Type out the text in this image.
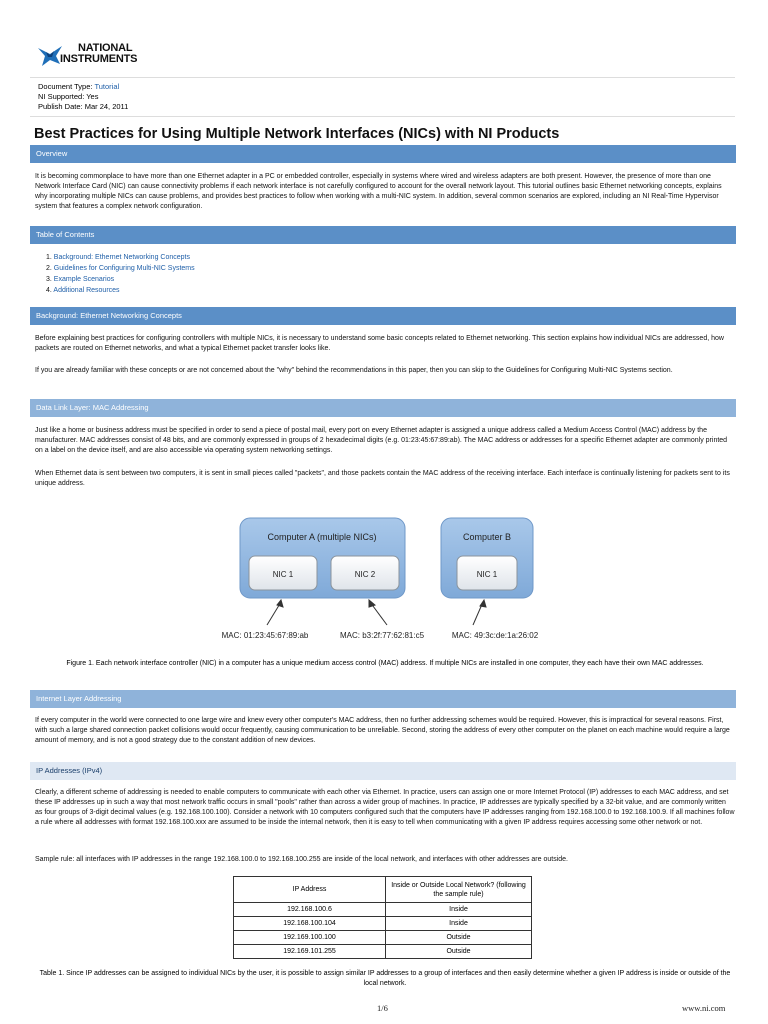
NATIONAL
INSTRUMENTS
Document Type: Tutorial
NI Supported: Yes
Publish Date: Mar 24, 2011
Best Practices for Using Multiple Network Interfaces (NICs) with NI Products
Overview
It is becoming commonplace to have more than one Ethernet adapter in a PC or embedded controller, especially in systems where wired and wireless adapters are both present. However, the presence of more than one Network Interface Card (NIC) can cause connectivity problems if each network interface is not carefully configured to account for the overall network layout. This tutorial outlines basic Ethernet networking concepts, explains why incorporating multiple NICs can cause problems, and provides best practices to follow when working with a multi-NIC system. In addition, several common scenarios are explored, including an NI Real-Time Hypervisor system that features a complex network configuration.
Table of Contents
1. Background: Ethernet Networking Concepts
2. Guidelines for Configuring Multi-NIC Systems
3. Example Scenarios
4. Additional Resources
Background: Ethernet Networking Concepts
Before explaining best practices for configuring controllers with multiple NICs, it is necessary to understand some basic concepts related to Ethernet networking. This section explains how individual NICs are addressed, how packets are routed on Ethernet networks, and what a typical Ethernet packet transfer looks like.
If you are already familiar with these concepts or are not concerned about the "why" behind the recommendations in this paper, then you can skip to the Guidelines for Configuring Multi-NIC Systems section.
Data Link Layer: MAC Addressing
Just like a home or business address must be specified in order to send a piece of postal mail, every port on every Ethernet adapter is assigned a unique address called a Medium Access Control (MAC) address by the manufacturer. MAC addresses consist of 48 bits, and are commonly expressed in groups of 2 hexadecimal digits (e.g. 01:23:45:67:89:ab). The MAC address or addresses for a specific Ethernet adapter are commonly printed on a label on the device itself, and are also accessible via operating system networking settings.
When Ethernet data is sent between two computers, it is sent in small pieces called "packets", and those packets contain the MAC address of the receiving interface. Each interface is continually listening for packets sent to its unique address.
Computer A (multiple NICs)
NIC 1	NIC 2
Computer B
NIC 1
MAC: 01:23:45:67:89:ab	MAC: b3:2f:77:62:81:c5	MAC: 49:3c:de:1a:26:02
Figure 1. Each network interface controller (NIC) in a computer has a unique medium access control (MAC) address. If multiple NICs are installed in one computer, they each have their own MAC addresses.
Internet Layer Addressing
If every computer in the world were connected to one large wire and knew every other computer's MAC address, then no further addressing schemes would be required. However, this is impractical for several reasons. First, with such a large shared connection packet collisions would occur frequently, causing communication to be unreliable. Second, storing the address of every other computer on the planet on each machine would require a large amount of memory, and is not a good strategy due to the constant addition of new devices.
IP Addresses (IPv4)
Clearly, a different scheme of addressing is needed to enable computers to communicate with each other via Ethernet. In practice, users can assign one or more Internet Protocol (IP) addresses to each MAC address, and set these IP addresses up in such a way that most network traffic occurs in small "pools" rather than across a wider group of machines. In practice, IP addresses are typically specified by a 32-bit value, and are commonly written as four groups of 3-digit decimal values (e.g. 192.168.100.100). Consider a network with 10 computers configured such that the computers have IP addresses ranging from 192.168.100.0 to 192.168.100.9. If all machines follow a rule where all addresses with format 192.168.100.xxx are assumed to be inside the internal network, then it is easy to tell when communicating with a given IP address requires accessing some other network or not.
Sample rule: all interfaces with IP addresses in the range 192.168.100.0 to 192.168.100.255 are inside of the local network, and interfaces with other addresses are outside.
IP Address	Inside or Outside Local Network? (following the sample rule)
192.168.100.6	Inside
192.168.100.104	Inside
192.169.100.100	Outside
192.169.101.255	Outside
Table 1. Since IP addresses can be assigned to individual NICs by the user, it is possible to assign similar IP addresses to a group of interfaces and then easily determine whether a given IP address is inside or outside of the local network.
1/6	www.ni.com
